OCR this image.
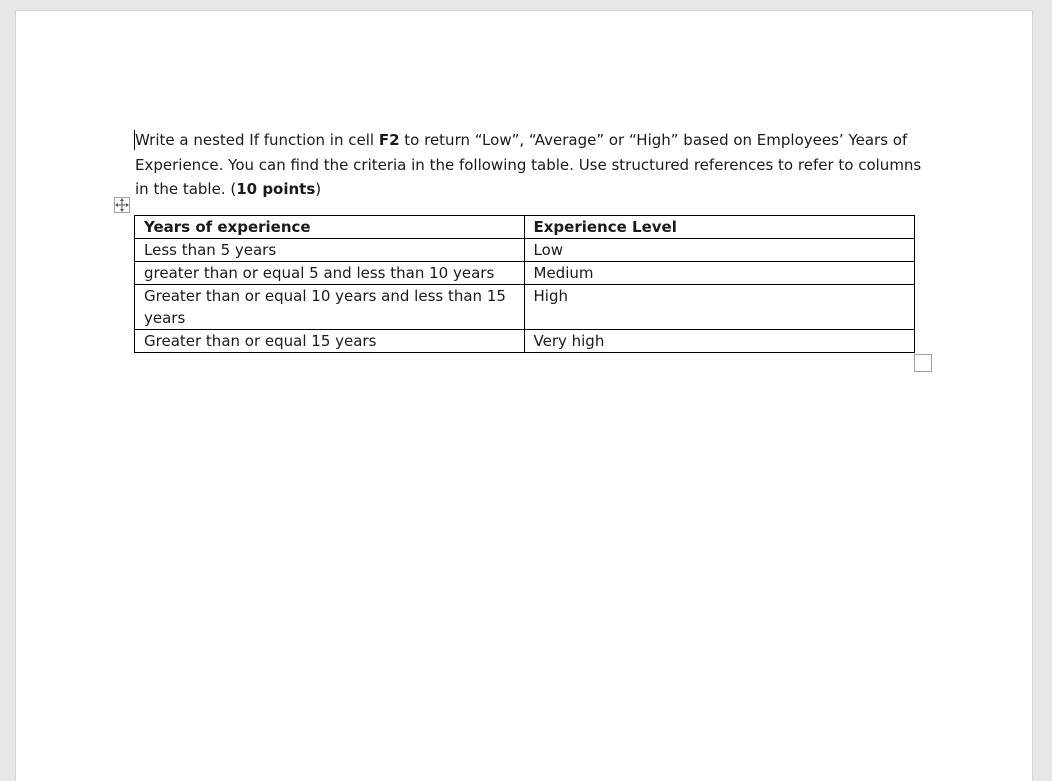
Write a nested If function in cell F2 to return “Low”, “Average” or “High” based on Employees’ Years of Experience. You can find the criteria in the following table. Use structured references to refer to columns in the table. (10 points)

Years of experience	Experience Level
Less than 5 years	Low
greater than or equal 5 and less than 10 years	Medium
Greater than or equal 10 years and less than 15 years	High
Greater than or equal 15 years	Very high
